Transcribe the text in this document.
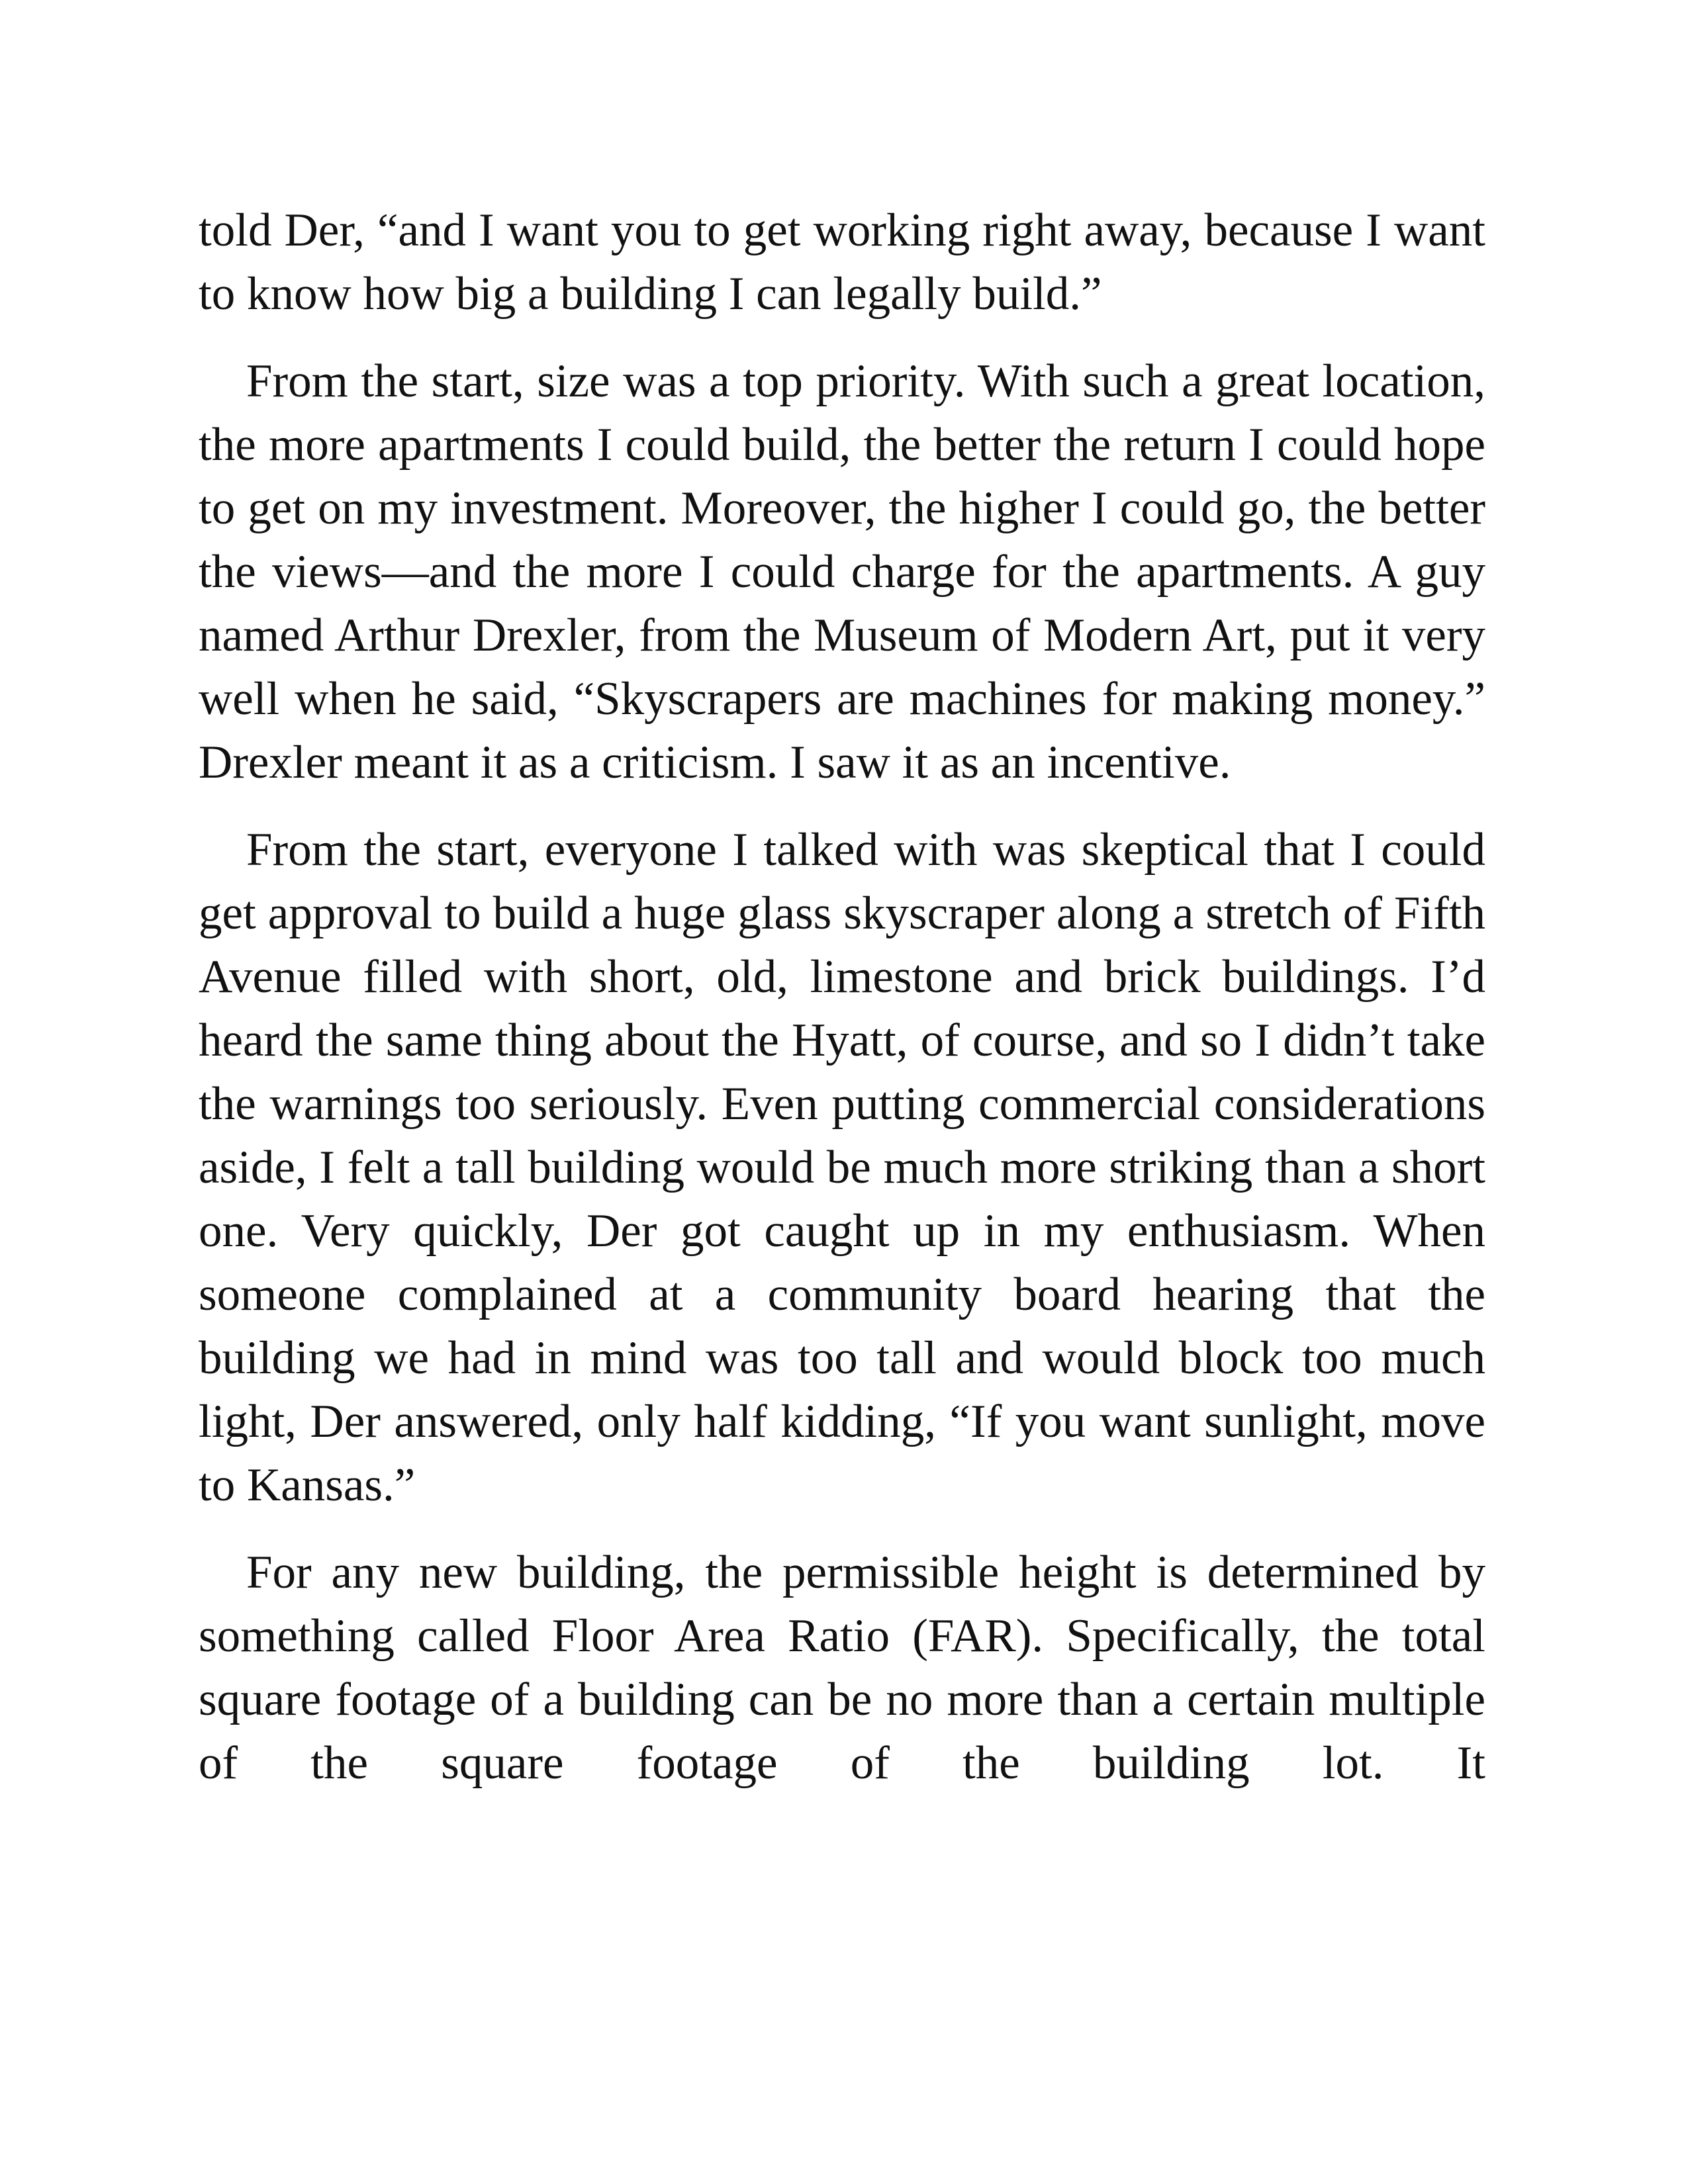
told Der, “and I want you to get working right away, because I want to know how big a building I can legally build.”

From the start, size was a top priority. With such a great location, the more apartments I could build, the better the return I could hope to get on my investment. Moreover, the higher I could go, the better the views—and the more I could charge for the apartments. A guy named Arthur Drexler, from the Museum of Modern Art, put it very well when he said, “Skyscrapers are machines for making money.” Drexler meant it as a criticism. I saw it as an incentive.

From the start, everyone I talked with was skeptical that I could get approval to build a huge glass skyscraper along a stretch of Fifth Avenue filled with short, old, limestone and brick buildings. I’d heard the same thing about the Hyatt, of course, and so I didn’t take the warnings too seriously. Even putting commercial considerations aside, I felt a tall building would be much more striking than a short one. Very quickly, Der got caught up in my enthusiasm. When someone complained at a community board hearing that the building we had in mind was too tall and would block too much light, Der answered, only half kidding, “If you want sunlight, move to Kansas.”

For any new building, the permissible height is determined by something called Floor Area Ratio (FAR). Specifically, the total square footage of a building can be no more than a certain multiple of the square footage of the building lot. It
